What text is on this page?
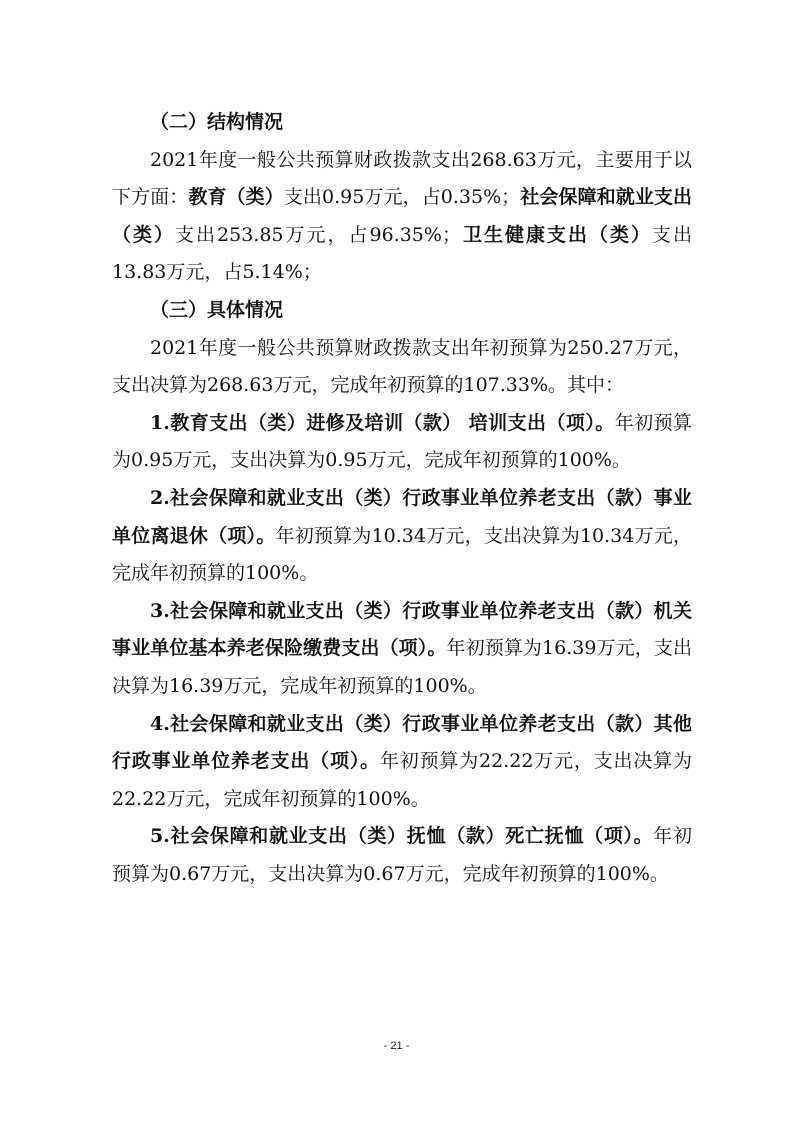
（二）结构情况

2021年度一般公共预算财政拨款支出268.63万元，主要用于以下方面：教育（类）支出0.95万元，占0.35%；社会保障和就业支出（类）支出253.85万元，占96.35%；卫生健康支出（类）支出13.83万元，占5.14%；

（三）具体情况

2021年度一般公共预算财政拨款支出年初预算为250.27万元，支出决算为268.63万元，完成年初预算的107.33%。其中：

1.教育支出（类）进修及培训（款） 培训支出（项）。年初预算为0.95万元，支出决算为0.95万元，完成年初预算的100%。

2.社会保障和就业支出（类）行政事业单位养老支出（款）事业单位离退休（项）。年初预算为10.34万元，支出决算为10.34万元，完成年初预算的100%。

3.社会保障和就业支出（类）行政事业单位养老支出（款）机关事业单位基本养老保险缴费支出（项）。年初预算为16.39万元，支出决算为16.39万元，完成年初预算的100%。

4.社会保障和就业支出（类）行政事业单位养老支出（款）其他行政事业单位养老支出（项）。年初预算为22.22万元，支出决算为22.22万元，完成年初预算的100%。

5.社会保障和就业支出（类）抚恤（款）死亡抚恤（项）。年初预算为0.67万元，支出决算为0.67万元，完成年初预算的100%。

- 21 -
